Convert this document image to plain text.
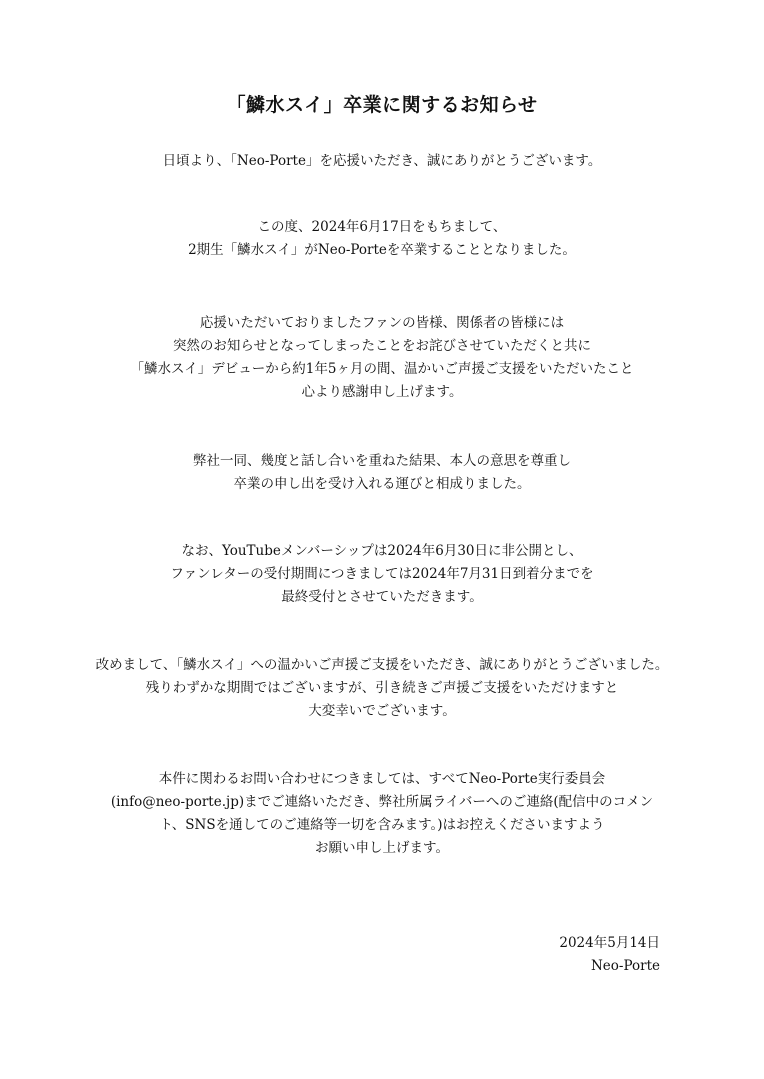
「鱗水スイ」卒業に関するお知らせ
日頃より、「Neo-Porte」を応援いただき、誠にありがとうございます。
この度、2024年6月17日をもちまして、
2期生「鱗水スイ」がNeo-Porteを卒業することとなりました。
応援いただいておりましたファンの皆様、関係者の皆様には
突然のお知らせとなってしまったことをお詫びさせていただくと共に
「鱗水スイ」デビューから約1年5ヶ月の間、温かいご声援ご支援をいただいたこと
心より感謝申し上げます。
弊社一同、幾度と話し合いを重ねた結果、本人の意思を尊重し
卒業の申し出を受け入れる運びと相成りました。
なお、YouTubeメンバーシップは2024年6月30日に非公開とし、
ファンレターの受付期間につきましては2024年7月31日到着分までを
最終受付とさせていただきます。
改めまして、「鱗水スイ」への温かいご声援ご支援をいただき、誠にありがとうございました。
残りわずかな期間ではございますが、引き続きご声援ご支援をいただけますと
大変幸いでございます。
本件に関わるお問い合わせにつきましては、すべてNeo-Porte実行委員会
(info@neo-porte.jp)までご連絡いただき、弊社所属ライバーへのご連絡(配信中のコメン
ト、SNSを通してのご連絡等一切を含みます。)はお控えくださいますよう
お願い申し上げます。
2024年5月14日
Neo-Porte
